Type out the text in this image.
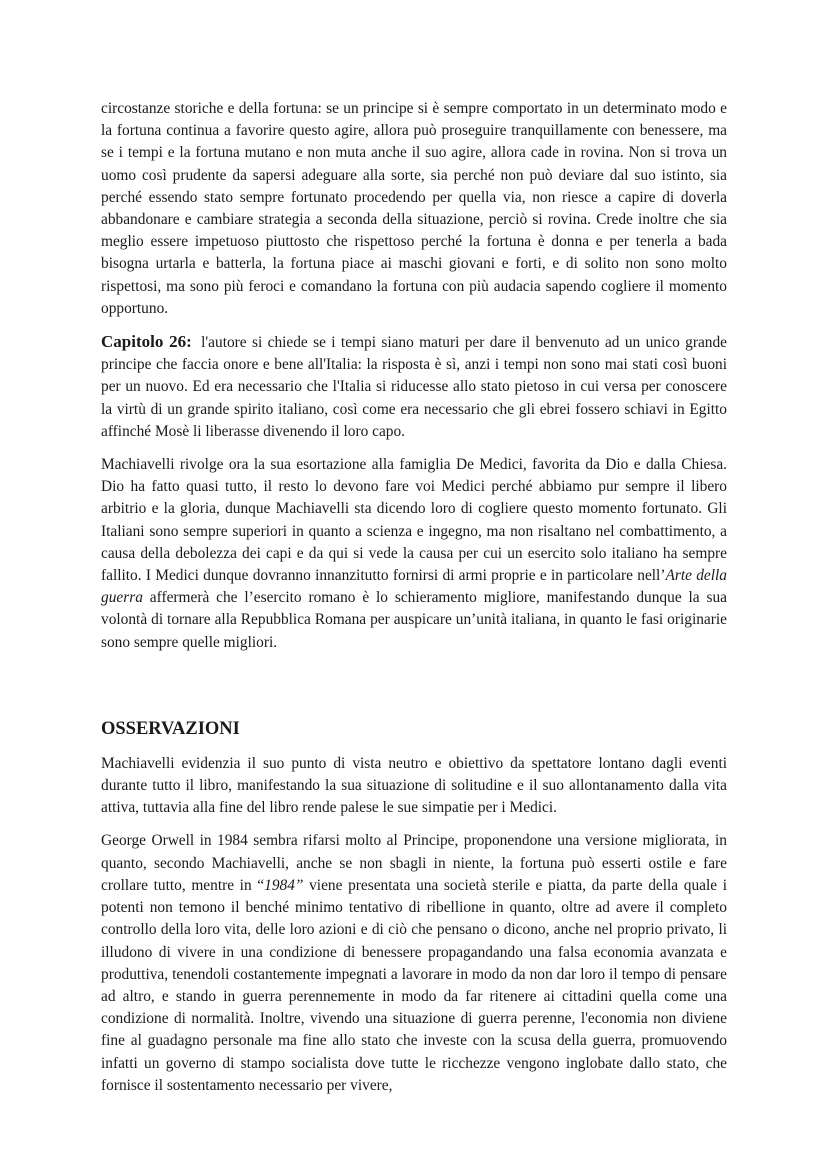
circostanze storiche e della fortuna: se un principe si è sempre comportato in un determinato modo e la fortuna continua a favorire questo agire, allora può proseguire tranquillamente con benessere, ma se i tempi e la fortuna mutano e non muta anche il suo agire, allora cade in rovina. Non si trova un uomo così prudente da sapersi adeguare alla sorte, sia perché non può deviare dal suo istinto, sia perché essendo stato sempre fortunato procedendo per quella via, non riesce a capire di doverla abbandonare e cambiare strategia a seconda della situazione, perciò si rovina. Crede inoltre che sia meglio essere impetuoso piuttosto che rispettoso perché la fortuna è donna e per tenerla a bada bisogna urtarla e batterla, la fortuna piace ai maschi giovani e forti, e di solito non sono molto rispettosi, ma sono più feroci e comandano la fortuna con più audacia sapendo cogliere il momento opportuno.

Capitolo 26: l'autore si chiede se i tempi siano maturi per dare il benvenuto ad un unico grande principe che faccia onore e bene all'Italia: la risposta è sì, anzi i tempi non sono mai stati così buoni per un nuovo. Ed era necessario che l'Italia si riducesse allo stato pietoso in cui versa per conoscere la virtù di un grande spirito italiano, così come era necessario che gli ebrei fossero schiavi in Egitto affinché Mosè li liberasse divenendo il loro capo.

Machiavelli rivolge ora la sua esortazione alla famiglia De Medici, favorita da Dio e dalla Chiesa. Dio ha fatto quasi tutto, il resto lo devono fare voi Medici perché abbiamo pur sempre il libero arbitrio e la gloria, dunque Machiavelli sta dicendo loro di cogliere questo momento fortunato. Gli Italiani sono sempre superiori in quanto a scienza e ingegno, ma non risaltano nel combattimento, a causa della debolezza dei capi e da qui si vede la causa per cui un esercito solo italiano ha sempre fallito. I Medici dunque dovranno innanzitutto fornirsi di armi proprie e in particolare nell’Arte della guerra affermerà che l’esercito romano è lo schieramento migliore, manifestando dunque la sua volontà di tornare alla Repubblica Romana per auspicare un’unità italiana, in quanto le fasi originarie sono sempre quelle migliori.

OSSERVAZIONI

Machiavelli evidenzia il suo punto di vista neutro e obiettivo da spettatore lontano dagli eventi durante tutto il libro, manifestando la sua situazione di solitudine e il suo allontanamento dalla vita attiva, tuttavia alla fine del libro rende palese le sue simpatie per i Medici.

George Orwell in 1984 sembra rifarsi molto al Principe, proponendone una versione migliorata, in quanto, secondo Machiavelli, anche se non sbagli in niente, la fortuna può esserti ostile e fare crollare tutto, mentre in “1984” viene presentata una società sterile e piatta, da parte della quale i potenti non temono il benché minimo tentativo di ribellione in quanto, oltre ad avere il completo controllo della loro vita, delle loro azioni e di ciò che pensano o dicono, anche nel proprio privato, li illudono di vivere in una condizione di benessere propagandando una falsa economia avanzata e produttiva, tenendoli costantemente impegnati a lavorare in modo da non dar loro il tempo di pensare ad altro, e stando in guerra perennemente in modo da far ritenere ai cittadini quella come una condizione di normalità. Inoltre, vivendo una situazione di guerra perenne, l'economia non diviene fine al guadagno personale ma fine allo stato che investe con la scusa della guerra, promuovendo infatti un governo di stampo socialista dove tutte le ricchezze vengono inglobate dallo stato, che fornisce il sostentamento necessario per vivere,
